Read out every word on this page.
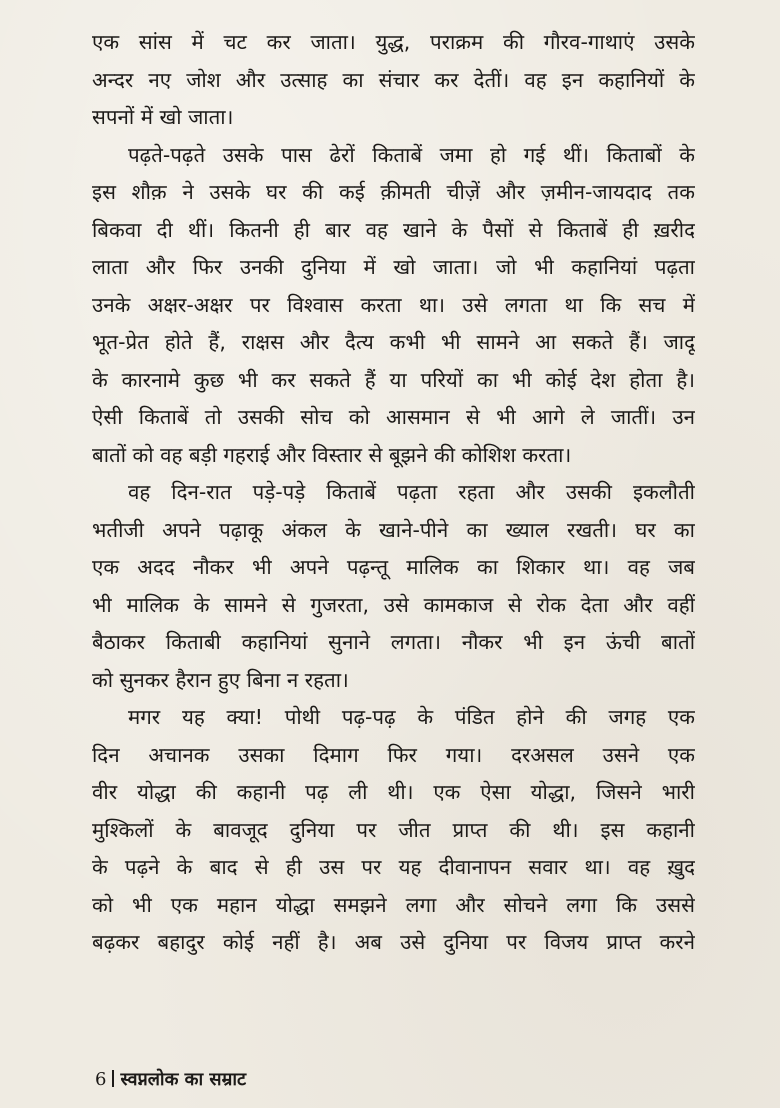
एक सांस में चट कर जाता। युद्ध, पराक्रम की गौरव-गाथाएं उसके
अन्दर नए जोश और उत्साह का संचार कर देतीं। वह इन कहानियों के
सपनों में खो जाता।
पढ़ते-पढ़ते उसके पास ढेरों किताबें जमा हो गई थीं। किताबों के
इस शौक़ ने उसके घर की कई क़ीमती चीज़ें और ज़मीन-जायदाद तक
बिकवा दी थीं। कितनी ही बार वह खाने के पैसों से किताबें ही ख़रीद
लाता और फिर उनकी दुनिया में खो जाता। जो भी कहानियां पढ़ता
उनके अक्षर-अक्षर पर विश्वास करता था। उसे लगता था कि सच में
भूत-प्रेत होते हैं, राक्षस और दैत्य कभी भी सामने आ सकते हैं। जादू
के कारनामे कुछ भी कर सकते हैं या परियों का भी कोई देश होता है।
ऐसी किताबें तो उसकी सोच को आसमान से भी आगे ले जातीं। उन
बातों को वह बड़ी गहराई और विस्तार से बूझने की कोशिश करता।
वह दिन-रात पड़े-पड़े किताबें पढ़ता रहता और उसकी इकलौती
भतीजी अपने पढ़ाकू अंकल के खाने-पीने का ख्याल रखती। घर का
एक अदद नौकर भी अपने पढ़न्तू मालिक का शिकार था। वह जब
भी मालिक के सामने से गुजरता, उसे कामकाज से रोक देता और वहीं
बैठाकर किताबी कहानियां सुनाने लगता। नौकर भी इन ऊंची बातों
को सुनकर हैरान हुए बिना न रहता।
मगर यह क्या! पोथी पढ़-पढ़ के पंडित होने की जगह एक
दिन अचानक उसका दिमाग फिर गया। दरअसल उसने एक
वीर योद्धा की कहानी पढ़ ली थी। एक ऐसा योद्धा, जिसने भारी
मुश्किलों के बावजूद दुनिया पर जीत प्राप्त की थी। इस कहानी
के पढ़ने के बाद से ही उस पर यह दीवानापन सवार था। वह ख़ुद
को भी एक महान योद्धा समझने लगा और सोचने लगा कि उससे
बढ़कर बहादुर कोई नहीं है। अब उसे दुनिया पर विजय प्राप्त करने
6 स्वप्नलोक का सम्राट
